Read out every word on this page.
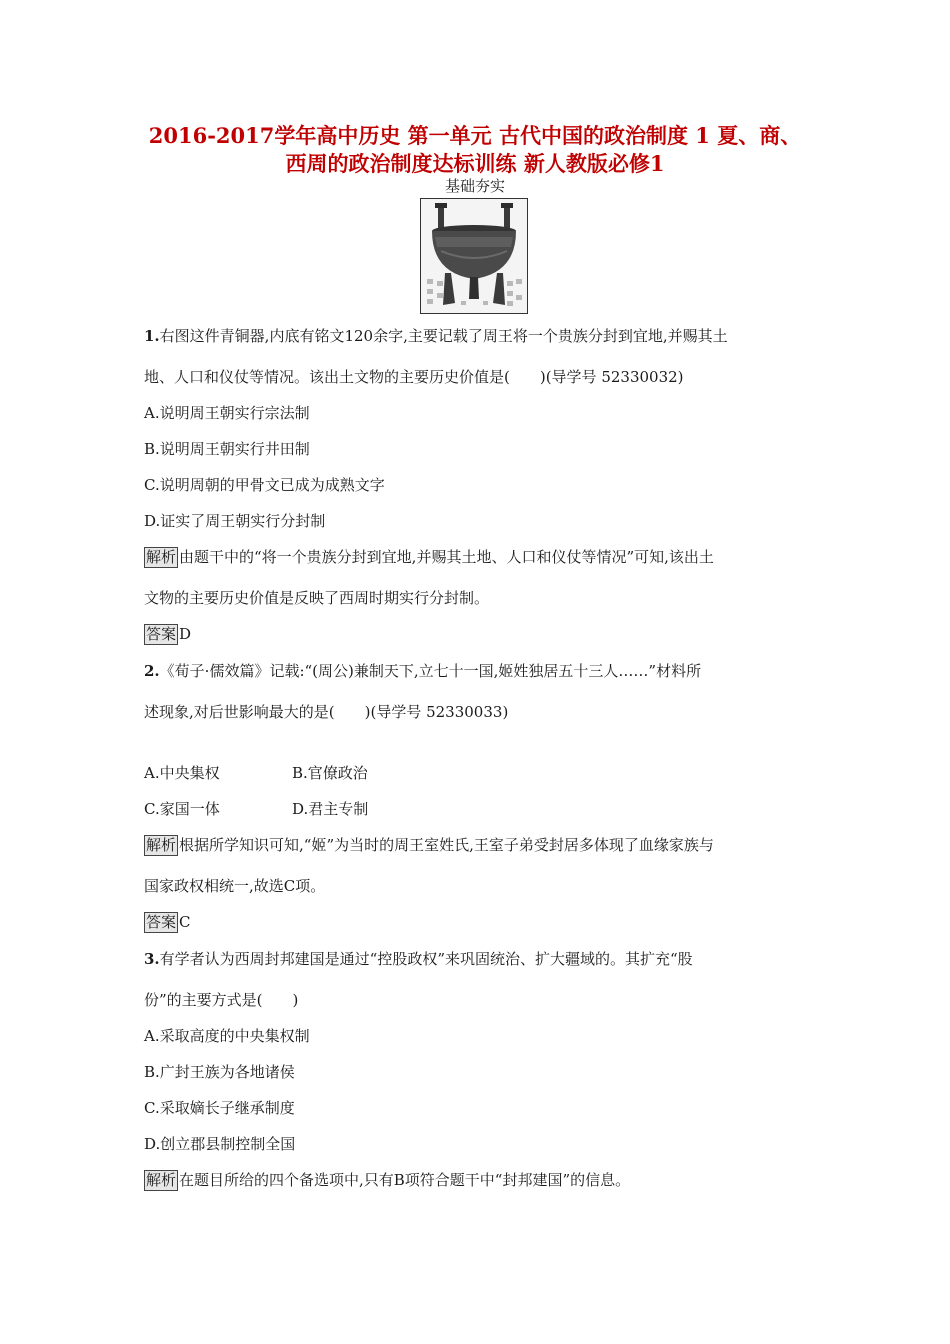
2016-2017学年高中历史 第一单元 古代中国的政治制度 1 夏、商、
西周的政治制度达标训练 新人教版必修1
基础夯实
1.右图这件青铜器,内底有铭文120余字,主要记载了周王将一个贵族分封到宜地,并赐其土
地、人口和仪仗等情况。该出土文物的主要历史价值是(　　)(导学号 52330032)
A.说明周王朝实行宗法制
B.说明周王朝实行井田制
C.说明周朝的甲骨文已成为成熟文字
D.证实了周王朝实行分封制
解析 由题干中的“将一个贵族分封到宜地,并赐其土地、人口和仪仗等情况”可知,该出土
文物的主要历史价值是反映了西周时期实行分封制。
答案 D
2.《荀子·儒效篇》记载:“(周公)兼制天下,立七十一国,姬姓独居五十三人……”材料所
述现象,对后世影响最大的是(　　)(导学号 52330033)
A.中央集权	B.官僚政治
C.家国一体	D.君主专制
解析 根据所学知识可知,“姬”为当时的周王室姓氏,王室子弟受封居多体现了血缘家族与
国家政权相统一,故选C项。
答案 C
3.有学者认为西周封邦建国是通过“控股政权”来巩固统治、扩大疆域的。其扩充“股
份”的主要方式是(　　)
A.采取高度的中央集权制
B.广封王族为各地诸侯
C.采取嫡长子继承制度
D.创立郡县制控制全国
解析 在题目所给的四个备选项中,只有B项符合题干中“封邦建国”的信息。
